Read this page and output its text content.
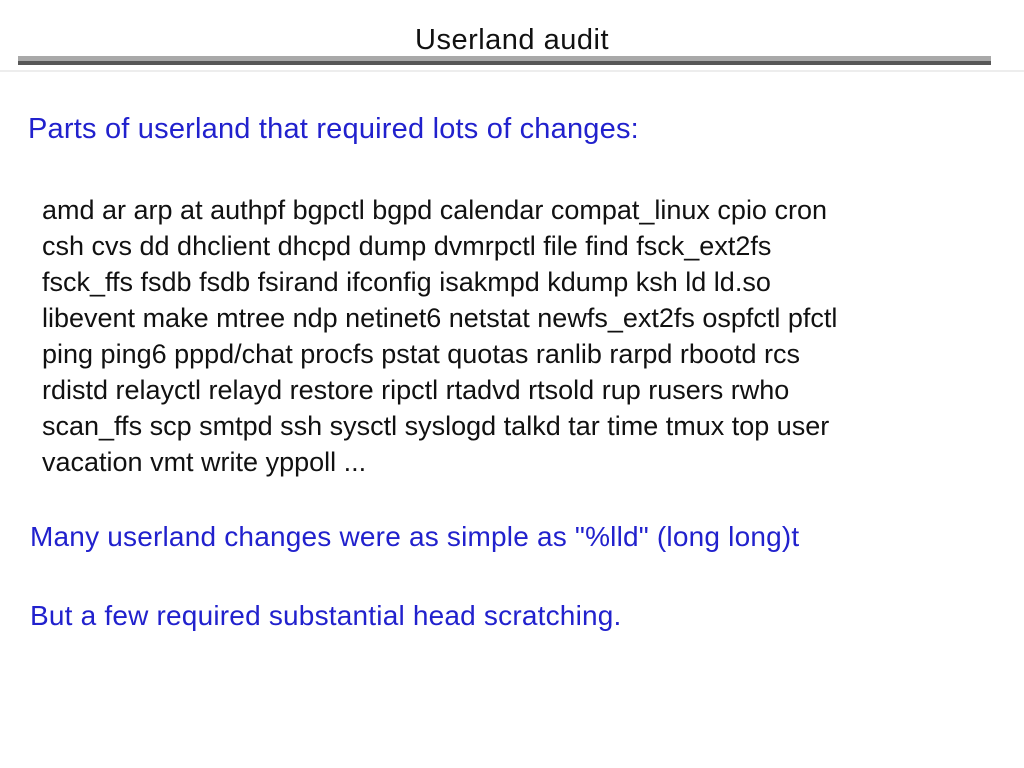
Userland audit
Parts of userland that required lots of changes:
amd ar arp at authpf bgpctl bgpd calendar compat_linux cpio cron
csh cvs dd dhclient dhcpd dump dvmrpctl file find fsck_ext2fs
fsck_ffs fsdb fsdb fsirand ifconfig isakmpd kdump ksh ld ld.so
libevent make mtree ndp netinet6 netstat newfs_ext2fs ospfctl pfctl
ping ping6 pppd/chat procfs pstat quotas ranlib rarpd rbootd rcs
rdistd relayctl relayd restore ripctl rtadvd rtsold rup rusers rwho
scan_ffs scp smtpd ssh sysctl syslogd talkd tar time tmux top user
vacation vmt write yppoll ...
Many userland changes were as simple as "%lld" (long long)t
But a few required substantial head scratching.
